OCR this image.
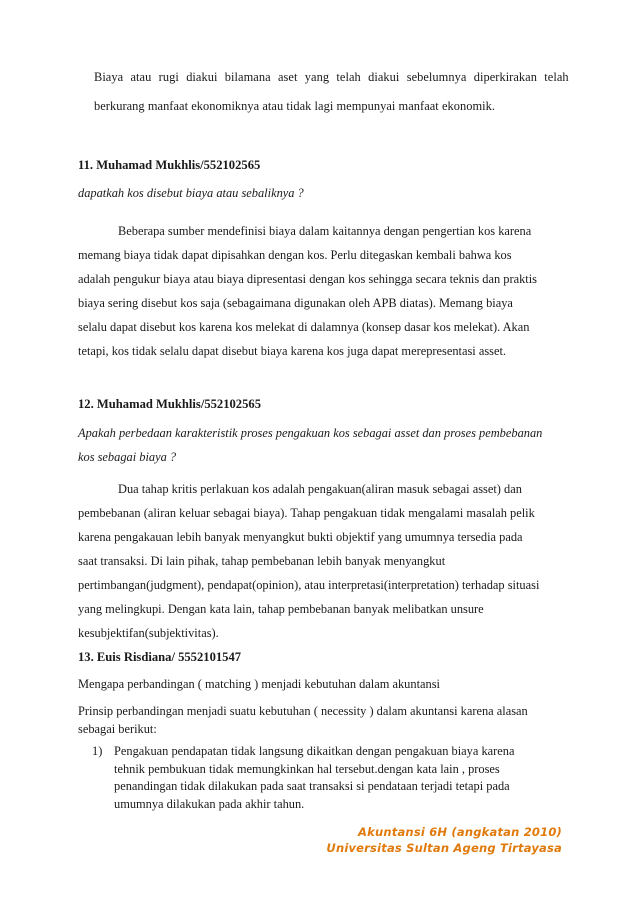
Biaya atau rugi diakui bilamana aset yang telah diakui sebelumnya diperkirakan telah
berkurang manfaat ekonomiknya atau tidak lagi mempunyai manfaat ekonomik.
11. Muhamad Mukhlis/552102565
dapatkah kos disebut biaya atau sebaliknya ?
Beberapa sumber mendefinisi biaya dalam kaitannya dengan pengertian kos karena
memang biaya tidak dapat dipisahkan dengan kos. Perlu ditegaskan kembali bahwa kos
adalah pengukur biaya atau biaya dipresentasi dengan kos sehingga secara teknis dan praktis
biaya sering disebut kos saja (sebagaimana digunakan oleh APB diatas). Memang biaya
selalu dapat disebut kos karena kos melekat di dalamnya (konsep dasar kos melekat). Akan
tetapi, kos tidak selalu dapat disebut biaya karena kos juga dapat merepresentasi asset.
12. Muhamad Mukhlis/552102565
Apakah perbedaan karakteristik proses pengakuan kos sebagai asset dan proses pembebanan
kos sebagai biaya ?
Dua tahap kritis perlakuan kos adalah pengakuan(aliran masuk sebagai asset) dan
pembebanan (aliran keluar sebagai biaya). Tahap pengakuan tidak mengalami masalah pelik
karena pengakauan lebih banyak menyangkut bukti objektif yang umumnya tersedia pada
saat transaksi. Di lain pihak, tahap pembebanan lebih banyak menyangkut
pertimbangan(judgment), pendapat(opinion), atau interpretasi(interpretation) terhadap situasi
yang melingkupi. Dengan kata lain, tahap pembebanan banyak melibatkan unsure
kesubjektifan(subjektivitas).
13. Euis Risdiana/ 5552101547
Mengapa perbandingan ( matching ) menjadi kebutuhan dalam akuntansi
Prinsip perbandingan menjadi suatu kebutuhan ( necessity ) dalam akuntansi karena alasan
sebagai berikut:
1) Pengakuan pendapatan tidak langsung dikaitkan dengan pengakuan biaya karena
tehnik pembukuan tidak memungkinkan hal tersebut.dengan kata lain , proses
penandingan tidak dilakukan pada saat transaksi si pendataan terjadi tetapi pada
umumnya dilakukan pada akhir tahun.
Akuntansi 6H (angkatan 2010)
Universitas Sultan Ageng Tirtayasa
